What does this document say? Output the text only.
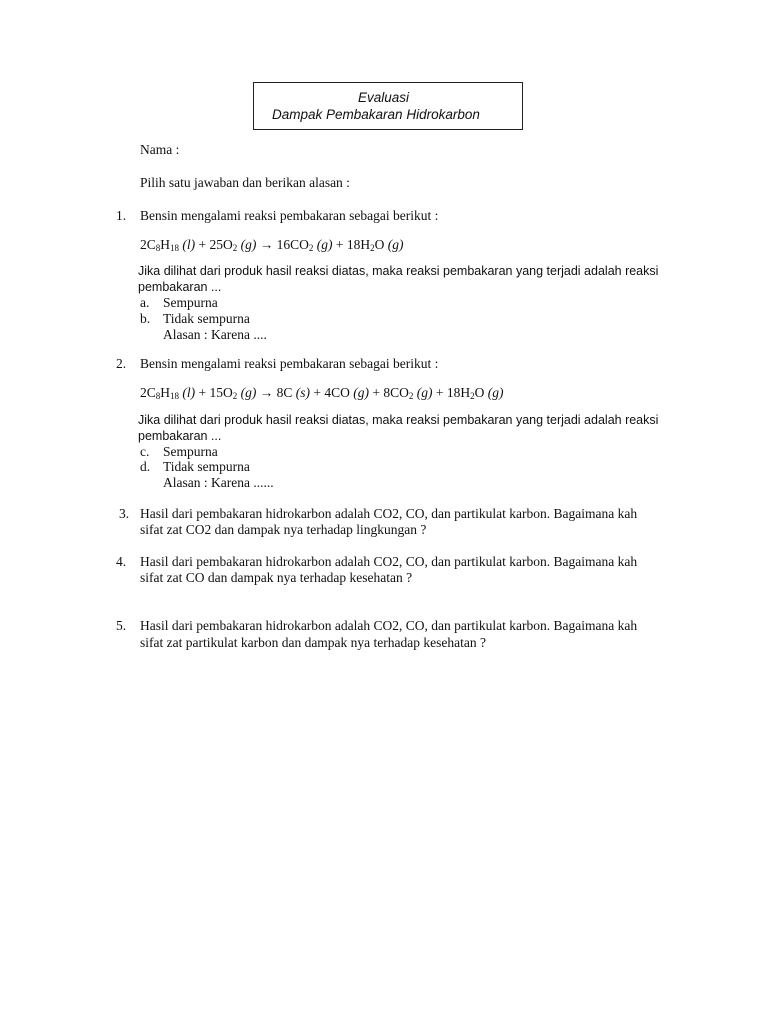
Evaluasi
Dampak Pembakaran Hidrokarbon
Nama :
Pilih satu jawaban dan berikan alasan :
1. Bensin mengalami reaksi pembakaran sebagai berikut :
$2C_8H_{18}$ $(l) + 25O_2$ $(g) \to 16CO_2$ $(g) + 18H_2O$ (g)
Jika dilihat dari produk hasil reaksi diatas, maka reaksi pembakaran yang terjadi adalah reaksi
pembakaran ...
a. Sempurna
b. Tidak sempurna
Alasan : Karena ....
2. Bensin mengalami reaksi pembakaran sebagai berikut :
$2C_8H_{18}$ $(l) + 15O_2$ (g) → 8C (s) + 4CO $(g) + 8CO_2$ $(g) + 18H_2O$ (g)
Jika dilihat dari produk hasil reaksi diatas, maka reaksi pembakaran yang terjadi adalah reaksi
pembakaran ...
c. Sempurna
d. Tidak sempurna
Alasan : Karena ......
3. Hasil dari pembakaran hidrokarbon adalah CO2, CO, dan partikulat karbon. Bagaimana kah
sifat zat CO2 dan dampak nya terhadap lingkungan ?
4. Hasil dari pembakaran hidrokarbon adalah CO2, CO, dan partikulat karbon. Bagaimana kah
sifat zat CO dan dampak nya terhadap kesehatan ?
5. Hasil dari pembakaran hidrokarbon adalah CO2, CO, dan partikulat karbon. Bagaimana kah
sifat zat partikulat karbon dan dampak nya terhadap kesehatan ?
